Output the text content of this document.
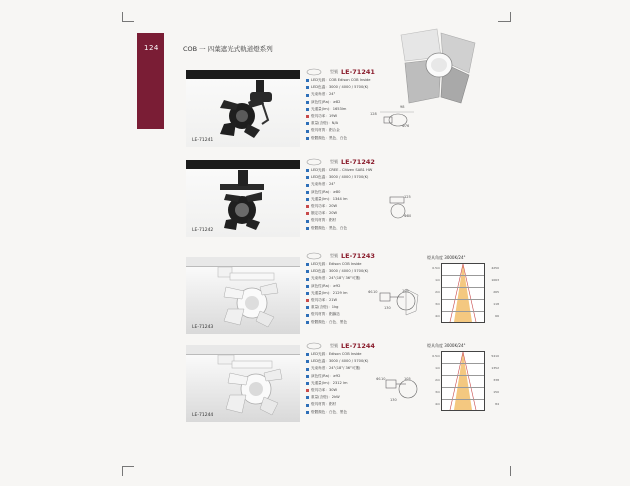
124	COB 一 四葉遮光式軌道燈系列
LE-71241
型號 LE-71241
LED光源 ： COB Edison COB Inside
LED色溫 ： 3000 / 4000 / 5700(K)
光束角度 ： 24°
演色性(Ra) ： ≥82
光通量(lm) ： 1653lm
燈具功率 ： 19W
重量(含燈) ： N/A
燈具材質 ： 鋁合金
燈體顏色 ： 黑色、白色
128
98
Φ76
LE-71242
型號 LE-71242
LED光源 ： CREE - Citizen SAB1 HW
LED色溫 ： 3000 / 4000 / 5700(K)
光束角度 ： 24°
演色性(Ra) ： ≥80
光通量(lm) ： 1344 lm
燈具功率 ： 20W
額定功率 ： 20W
燈具材質 ： 鋁材
燈體顏色 ： 黑色、白色
125
Φ80
LE-71243
型號 LE-71243
LED光源 ： Edison COB Inside
LED色溫 ： 3000 / 4000 / 5700(K)
光束角度 ： 24°(18°/ 36°可選)
演色性(Ra) ： ≥92
光通量(lm) ： 2129 lm
燈具功率 ： 21W
重量(含燈) ： 1kg
燈具材質 ： 鋁鑄造
燈體顏色 ： 白色、黑色
Φ110	105
130
燈具角度 3000K/24°
0.5m
1m
2m
3m
4m
4250
1063
265
118
66
LE-71244
型號 LE-71244
LED光源 ： Edison COB Inside
LED色溫 ： 3000 / 4000 / 5700(K)
光束角度 ： 24°(18°/ 36°可選)
演色性(Ra) ： ≥92
光通量(lm) ： 2312 lm
燈具功率 ： 30W
重量(含燈) ： 2kW
燈具材質 ： 鋁材
燈體顏色 ： 白色、黑色
Φ110	105
130
燈具角度 3000K/24°
0.5m
1m
2m
3m
4m
5410
1352
338
150
84
